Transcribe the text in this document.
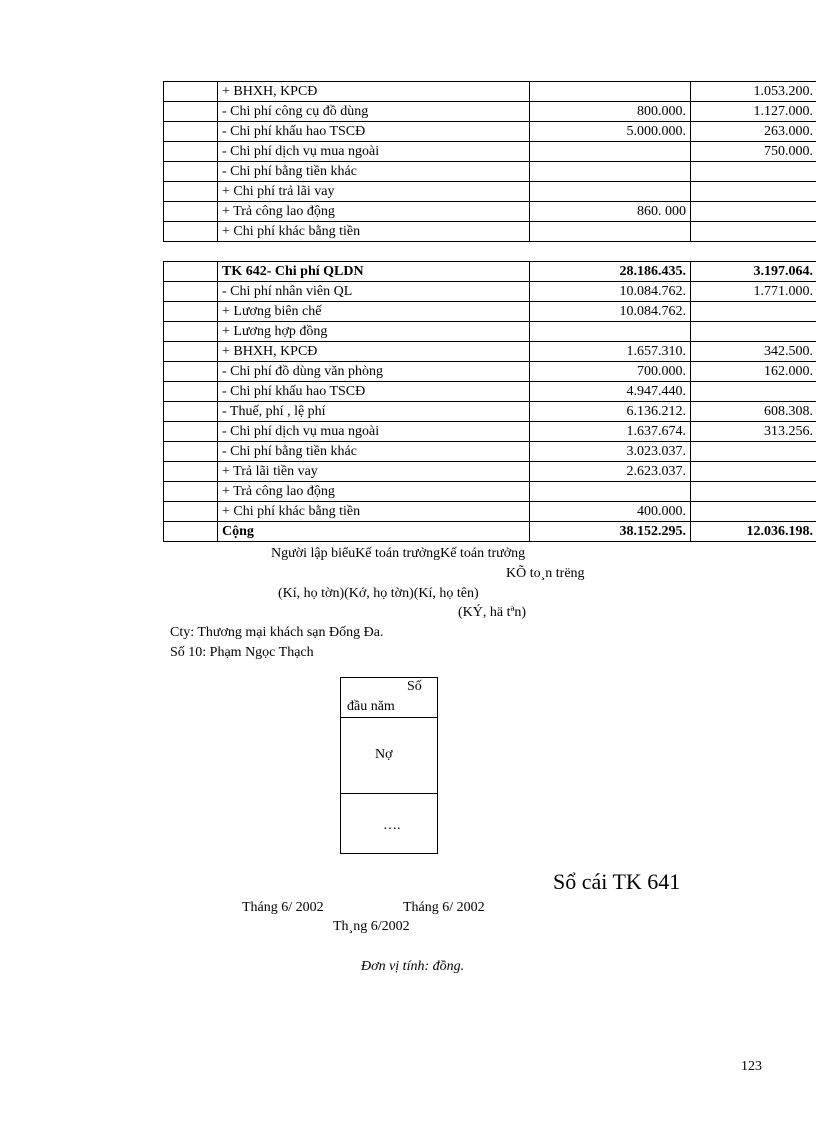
	+ BHXH, KPCĐ		1.053.200.
	- Chi phí công cụ đồ dùng	800.000.	1.127.000.
	- Chi phí khấu hao TSCĐ	5.000.000.	263.000.
	- Chi phí dịch vụ mua ngoài		750.000.
	- Chi phí bằng tiền khác		
	+ Chi phí trả lãi vay		
	+ Trả công lao động	860. 000	
	+ Chi phí khác bằng tiền		
	TK 642- Chi phí QLDN	28.186.435.	3.197.064.
	- Chi phí nhân viên QL	10.084.762.	1.771.000.
	+ Lương biên chế	10.084.762.	
	+ Lương hợp đồng		
	+ BHXH, KPCĐ	1.657.310.	342.500.
	- Chi phí đồ dùng văn phòng	700.000.	162.000.
	- Chi phí khấu hao TSCĐ	4.947.440.	
	- Thuế, phí , lệ phí	6.136.212.	608.308.
	- Chi phí dịch vụ mua ngoài	1.637.674.	313.256.
	- Chi phí bằng tiền khác	3.023.037.	
	+ Trả lãi tiền vay	2.623.037.	
	+ Trả công lao động		
	+ Chi phí khác bằng tiền	400.000.	
	Cộng	38.152.295.	12.036.198.
Người lập biểuKế toán trưởngKế toán trưởng
KÕ to¸n trëng
(Kí, họ tờn)(Kớ, họ tờn)(Kí, họ tên)
(KÝ, hä tªn)
Cty: Thương mại khách sạn Đống Đa.
Số 10: Phạm Ngọc Thạch
Số
đầu năm
Nợ
….
Sổ cái TK 641
Tháng 6/ 2002	Tháng 6/ 2002
Th¸ng 6/2002
Đơn vị tính: đồng.
123
